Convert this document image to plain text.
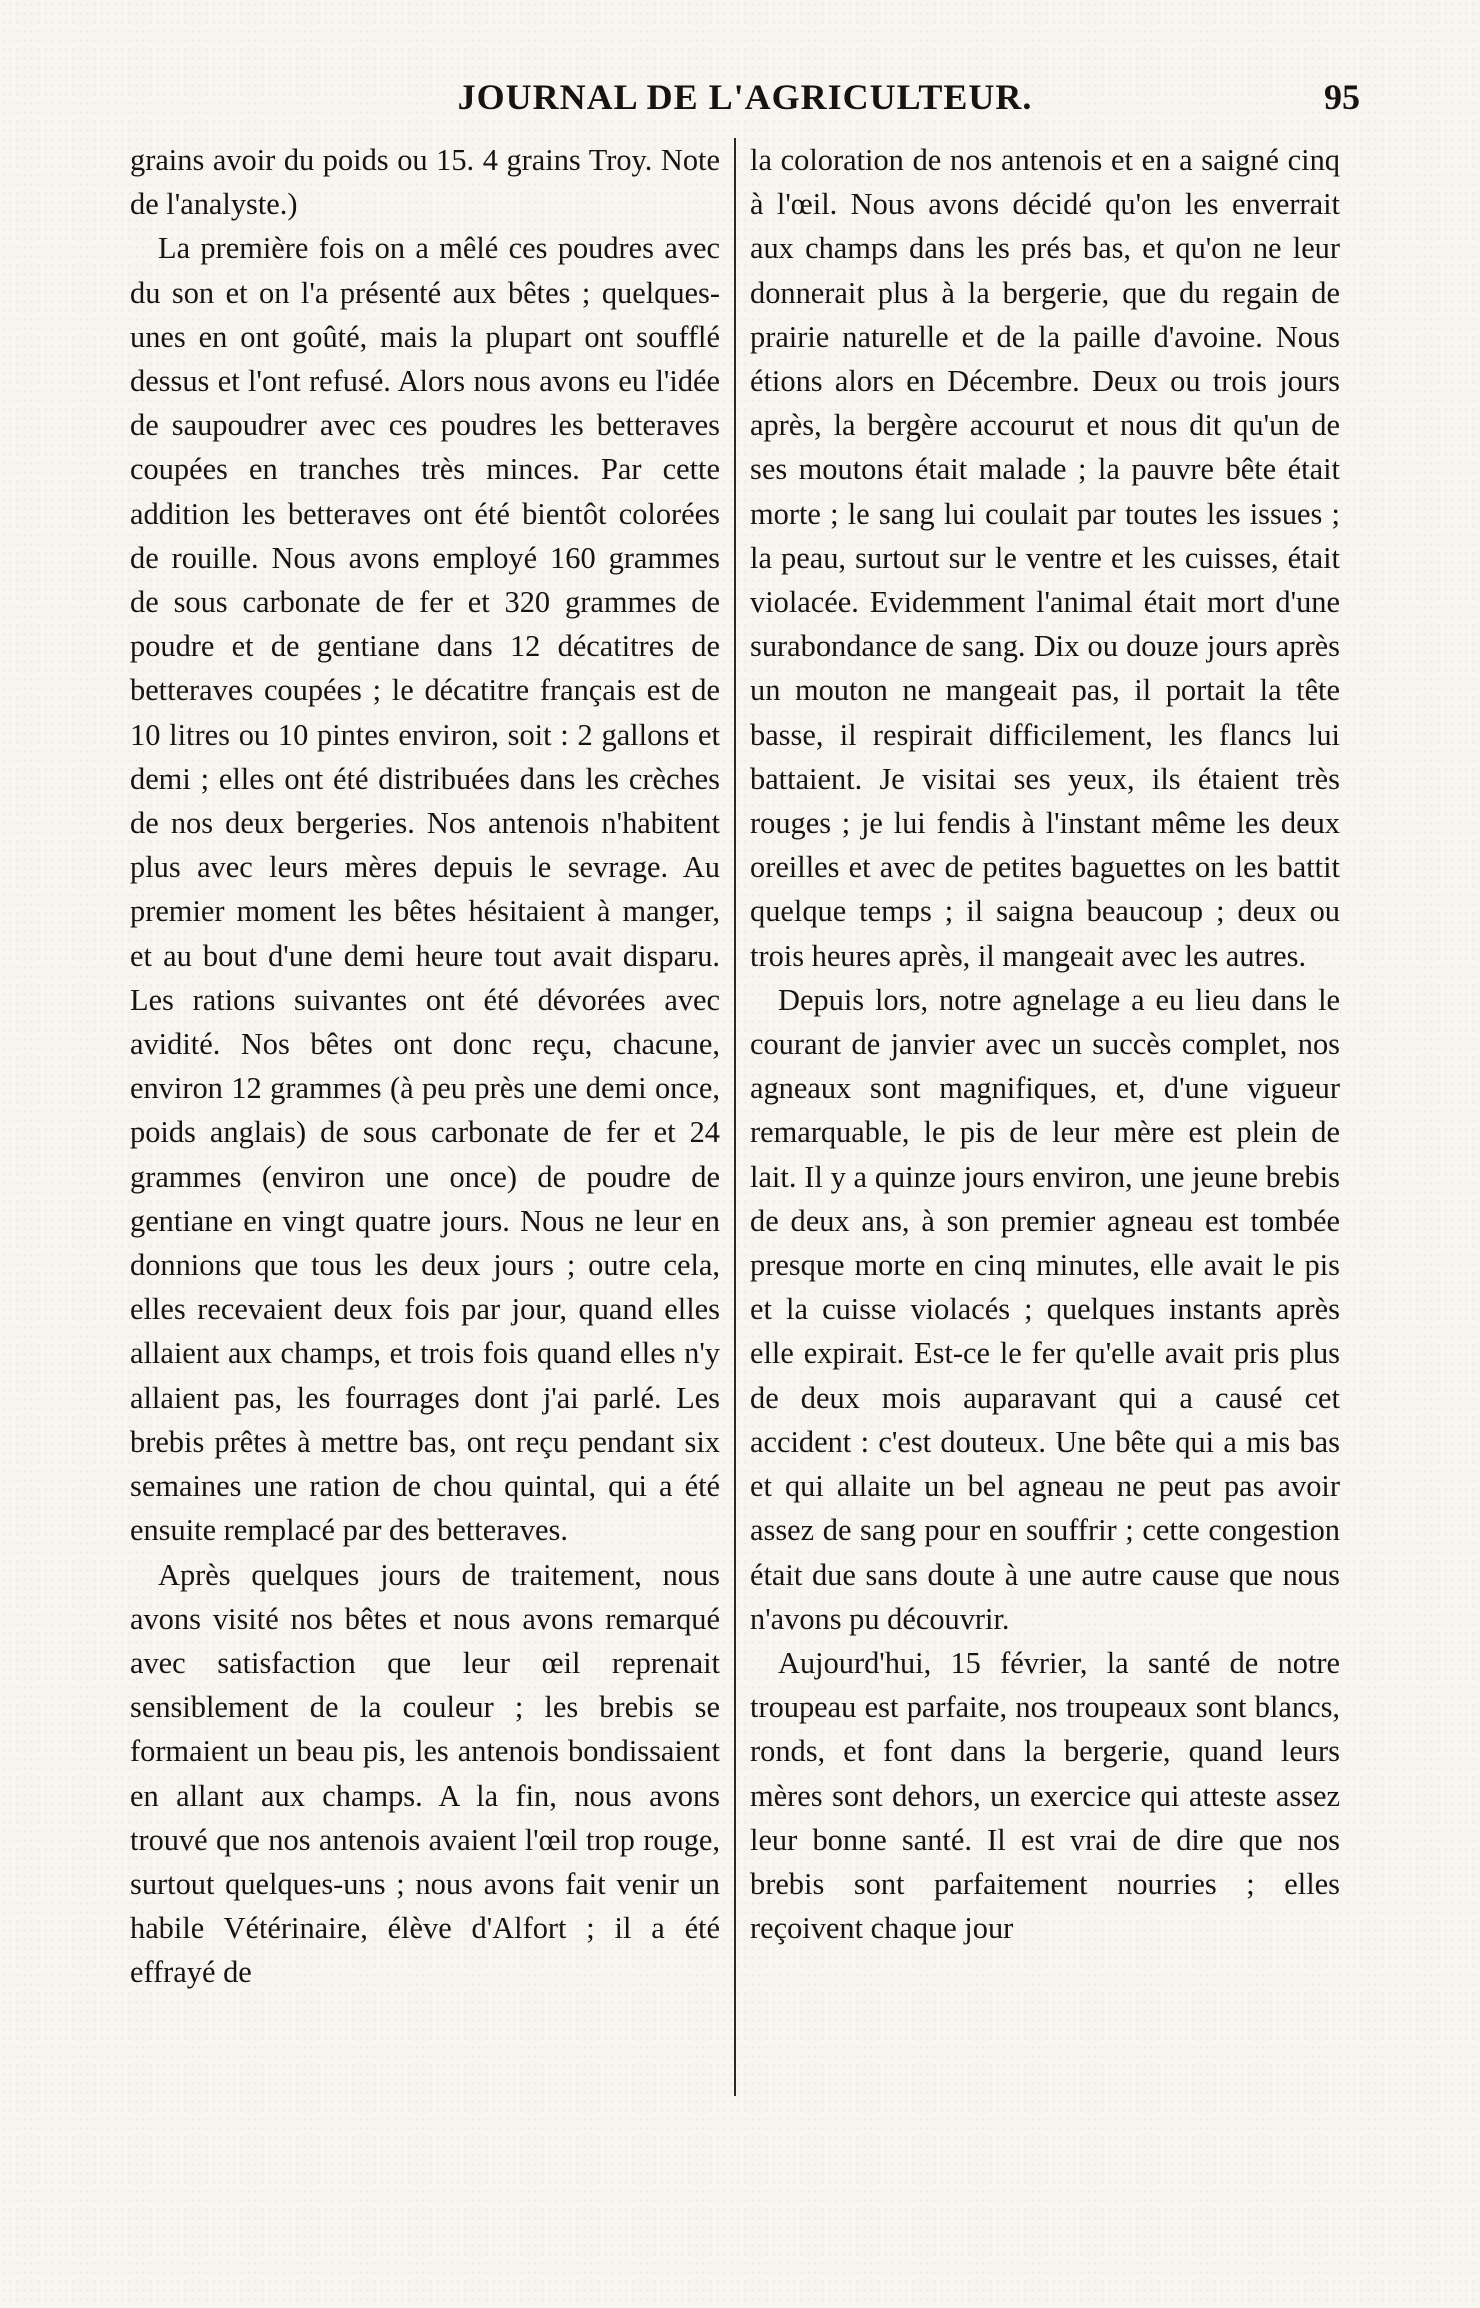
JOURNAL DE L'AGRICULTEUR.	95

grains avoir du poids ou 15. 4 grains Troy. Note de l'analyste.)

La première fois on a mêlé ces poudres avec du son et on l'a présenté aux bêtes ; quelques-unes en ont goûté, mais la plupart ont soufflé dessus et l'ont refusé. Alors nous avons eu l'idée de saupoudrer avec ces poudres les betteraves coupées en tranches très minces. Par cette addition les betteraves ont été bientôt colorées de rouille. Nous avons employé 160 grammes de sous carbonate de fer et 320 grammes de poudre et de gentiane dans 12 décatitres de betteraves coupées ; le décatitre français est de 10 litres ou 10 pintes environ, soit : 2 gallons et demi ; elles ont été distribuées dans les crèches de nos deux bergeries. Nos antenois n'habitent plus avec leurs mères depuis le sevrage. Au premier moment les bêtes hésitaient à manger, et au bout d'une demi heure tout avait disparu. Les rations suivantes ont été dévorées avec avidité. Nos bêtes ont donc reçu, chacune, environ 12 grammes (à peu près une demi once, poids anglais) de sous carbonate de fer et 24 grammes (environ une once) de poudre de gentiane en vingt quatre jours. Nous ne leur en donnions que tous les deux jours ; outre cela, elles recevaient deux fois par jour, quand elles allaient aux champs, et trois fois quand elles n'y allaient pas, les fourrages dont j'ai parlé. Les brebis prêtes à mettre bas, ont reçu pendant six semaines une ration de chou quintal, qui a été ensuite remplacé par des betteraves.

Après quelques jours de traitement, nous avons visité nos bêtes et nous avons remarqué avec satisfaction que leur œil reprenait sensiblement de la couleur ; les brebis se formaient un beau pis, les antenois bondissaient en allant aux champs. A la fin, nous avons trouvé que nos antenois avaient l'œil trop rouge, surtout quelques-uns ; nous avons fait venir un habile Vétérinaire, élève d'Alfort ; il a été effrayé de

la coloration de nos antenois et en a saigné cinq à l'œil. Nous avons décidé qu'on les enverrait aux champs dans les prés bas, et qu'on ne leur donnerait plus à la bergerie, que du regain de prairie naturelle et de la paille d'avoine. Nous étions alors en Décembre. Deux ou trois jours après, la bergère accourut et nous dit qu'un de ses moutons était malade ; la pauvre bête était morte ; le sang lui coulait par toutes les issues ; la peau, surtout sur le ventre et les cuisses, était violacée. Evidemment l'animal était mort d'une surabondance de sang. Dix ou douze jours après un mouton ne mangeait pas, il portait la tête basse, il respirait difficilement, les flancs lui battaient. Je visitai ses yeux, ils étaient très rouges ; je lui fendis à l'instant même les deux oreilles et avec de petites baguettes on les battit quelque temps ; il saigna beaucoup ; deux ou trois heures après, il mangeait avec les autres.

Depuis lors, notre agnelage a eu lieu dans le courant de janvier avec un succès complet, nos agneaux sont magnifiques, et, d'une vigueur remarquable, le pis de leur mère est plein de lait. Il y a quinze jours environ, une jeune brebis de deux ans, à son premier agneau est tombée presque morte en cinq minutes, elle avait le pis et la cuisse violacés ; quelques instants après elle expirait. Est-ce le fer qu'elle avait pris plus de deux mois auparavant qui a causé cet accident : c'est douteux. Une bête qui a mis bas et qui allaite un bel agneau ne peut pas avoir assez de sang pour en souffrir ; cette congestion était due sans doute à une autre cause que nous n'avons pu découvrir.

Aujourd'hui, 15 février, la santé de notre troupeau est parfaite, nos troupeaux sont blancs, ronds, et font dans la bergerie, quand leurs mères sont dehors, un exercice qui atteste assez leur bonne santé. Il est vrai de dire que nos brebis sont parfaitement nourries ; elles reçoivent chaque jour
